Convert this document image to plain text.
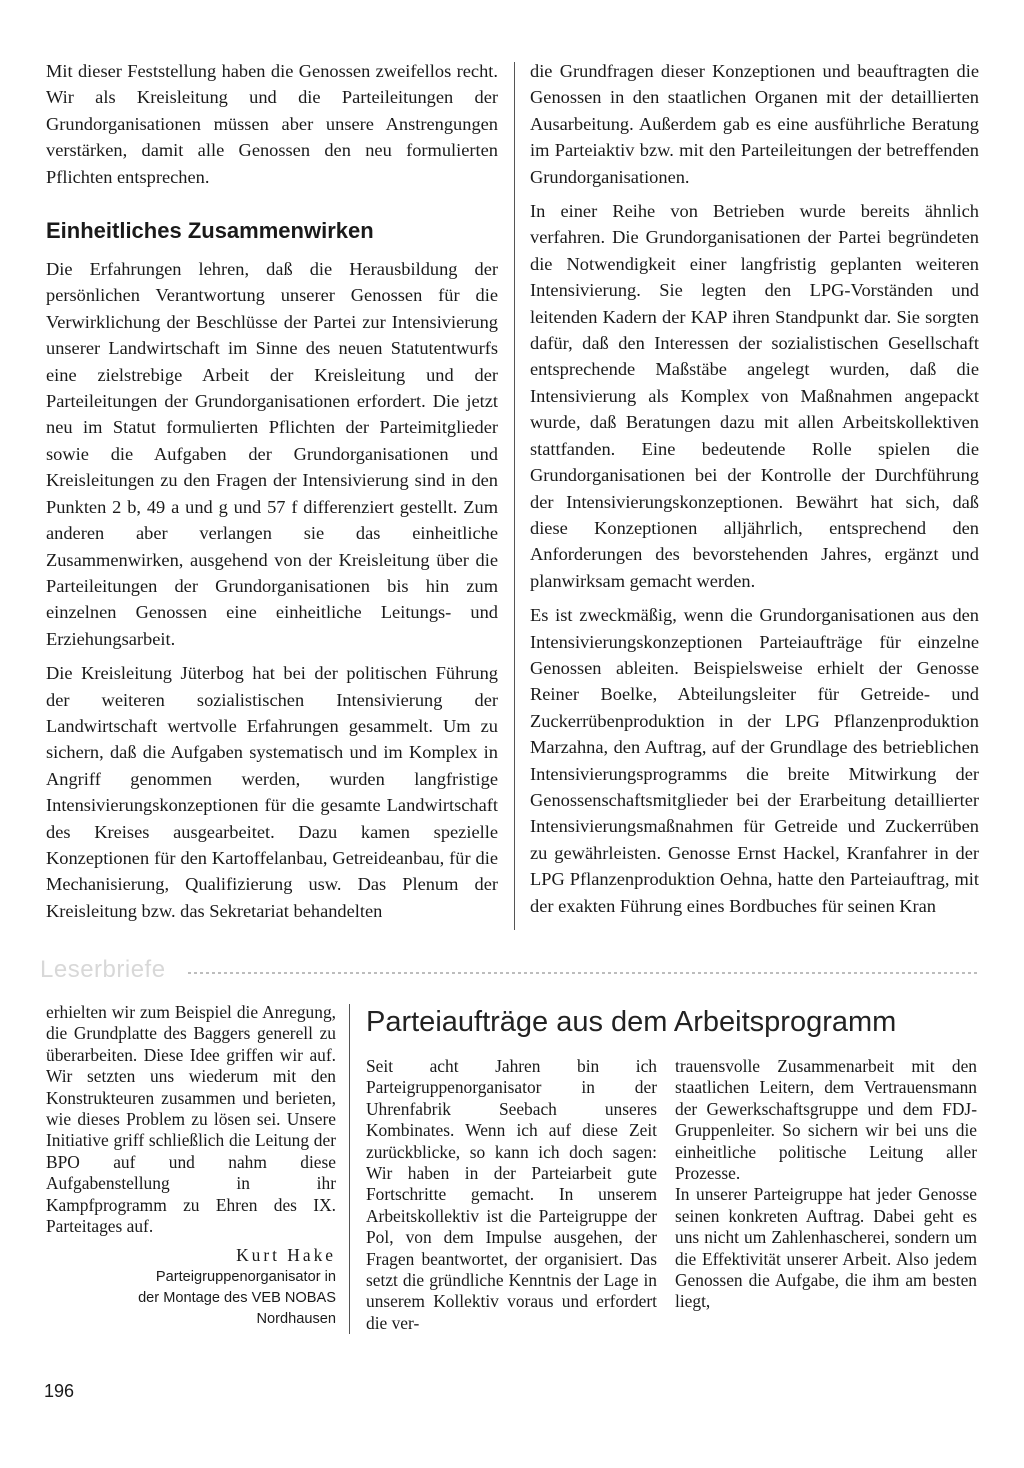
Mit dieser Feststellung haben die Genossen zweifellos recht. Wir als Kreisleitung und die Parteileitungen der Grundorganisationen müssen aber unsere Anstrengungen verstärken, damit alle Genossen den neu formulierten Pflichten entsprechen.

Einheitliches Zusammenwirken

Die Erfahrungen lehren, daß die Herausbildung der persönlichen Verantwortung unserer Genossen für die Verwirklichung der Beschlüsse der Partei zur Intensivierung unserer Landwirtschaft im Sinne des neuen Statutentwurfs eine zielstrebige Arbeit der Kreisleitung und der Parteileitungen der Grundorganisationen erfordert. Die jetzt neu im Statut formulierten Pflichten der Parteimitglieder sowie die Aufgaben der Grundorganisationen und Kreisleitungen zu den Fragen der Intensivierung sind in den Punkten 2 b, 49 a und g und 57 f differenziert gestellt. Zum anderen aber verlangen sie das einheitliche Zusammenwirken, ausgehend von der Kreisleitung über die Parteileitungen der Grundorganisationen bis hin zum einzelnen Genossen eine einheitliche Leitungs- und Erziehungsarbeit.

Die Kreisleitung Jüterbog hat bei der politischen Führung der weiteren sozialistischen Intensivierung der Landwirtschaft wertvolle Erfahrungen gesammelt. Um zu sichern, daß die Aufgaben systematisch und im Komplex in Angriff genommen werden, wurden langfristige Intensivierungskonzeptionen für die gesamte Landwirtschaft des Kreises ausgearbeitet. Dazu kamen spezielle Konzeptionen für den Kartoffelanbau, Getreideanbau, für die Mechanisierung, Qualifizierung usw. Das Plenum der Kreisleitung bzw. das Sekretariat behandelten

die Grundfragen dieser Konzeptionen und beauftragten die Genossen in den staatlichen Organen mit der detaillierten Ausarbeitung. Außerdem gab es eine ausführliche Beratung im Parteiaktiv bzw. mit den Parteileitungen der betreffenden Grundorganisationen.

In einer Reihe von Betrieben wurde bereits ähnlich verfahren. Die Grundorganisationen der Partei begründeten die Notwendigkeit einer langfristig geplanten weiteren Intensivierung. Sie legten den LPG-Vorständen und leitenden Kadern der KAP ihren Standpunkt dar. Sie sorgten dafür, daß den Interessen der sozialistischen Gesellschaft entsprechende Maßstäbe angelegt wurden, daß die Intensivierung als Komplex von Maßnahmen angepackt wurde, daß Beratungen dazu mit allen Arbeitskollektiven stattfanden. Eine bedeutende Rolle spielen die Grundorganisationen bei der Kontrolle der Durchführung der Intensivierungskonzeptionen. Bewährt hat sich, daß diese Konzeptionen alljährlich, entsprechend den Anforderungen des bevorstehenden Jahres, ergänzt und planwirksam gemacht werden.

Es ist zweckmäßig, wenn die Grundorganisationen aus den Intensivierungskonzeptionen Parteiaufträge für einzelne Genossen ableiten. Beispielsweise erhielt der Genosse Reiner Boelke, Abteilungsleiter für Getreide- und Zuckerrübenproduktion in der LPG Pflanzenproduktion Marzahna, den Auftrag, auf der Grundlage des betrieblichen Intensivierungsprogramms die breite Mitwirkung der Genossenschaftsmitglieder bei der Erarbeitung detaillierter Intensivierungsmaßnahmen für Getreide und Zuckerrüben zu gewährleisten. Genosse Ernst Hackel, Kranfahrer in der LPG Pflanzenproduktion Oehna, hatte den Parteiauftrag, mit der exakten Führung eines Bordbuches für seinen Kran

Leserbriefe

erhielten wir zum Beispiel die Anregung, die Grundplatte des Baggers generell zu überarbeiten. Diese Idee griffen wir auf. Wir setzten uns wiederum mit den Konstrukteuren zusammen und berieten, wie dieses Problem zu lösen sei. Unsere Initiative griff schließlich die Leitung der BPO auf und nahm diese Aufgabenstellung in ihr Kampfprogramm zu Ehren des IX. Parteitages auf.

Kurt Hake
Parteigruppenorganisator in
der Montage des VEB NOBAS
Nordhausen
Parteiaufträge aus dem Arbeitsprogramm

Seit acht Jahren bin ich Parteigruppenorganisator in der Uhrenfabrik Seebach unseres Kombinates. Wenn ich auf diese Zeit zurückblicke, so kann ich doch sagen: Wir haben in der Parteiarbeit gute Fortschritte gemacht. In unserem Arbeitskollektiv ist die Parteigruppe der Pol, von dem Impulse ausgehen, der Fragen beantwortet, der organisiert. Das setzt die gründliche Kenntnis der Lage in unserem Kollektiv voraus und erfordert die ver-

trauensvolle Zusammenarbeit mit den staatlichen Leitern, dem Vertrauensmann der Gewerkschaftsgruppe und dem FDJ-Gruppenleiter. So sichern wir bei uns die einheitliche politische Leitung aller Prozesse.

In unserer Parteigruppe hat jeder Genosse seinen konkreten Auftrag. Dabei geht es uns nicht um Zahlenhascherei, sondern um die Effektivität unserer Arbeit. Also jedem Genossen die Aufgabe, die ihm am besten liegt,

196
